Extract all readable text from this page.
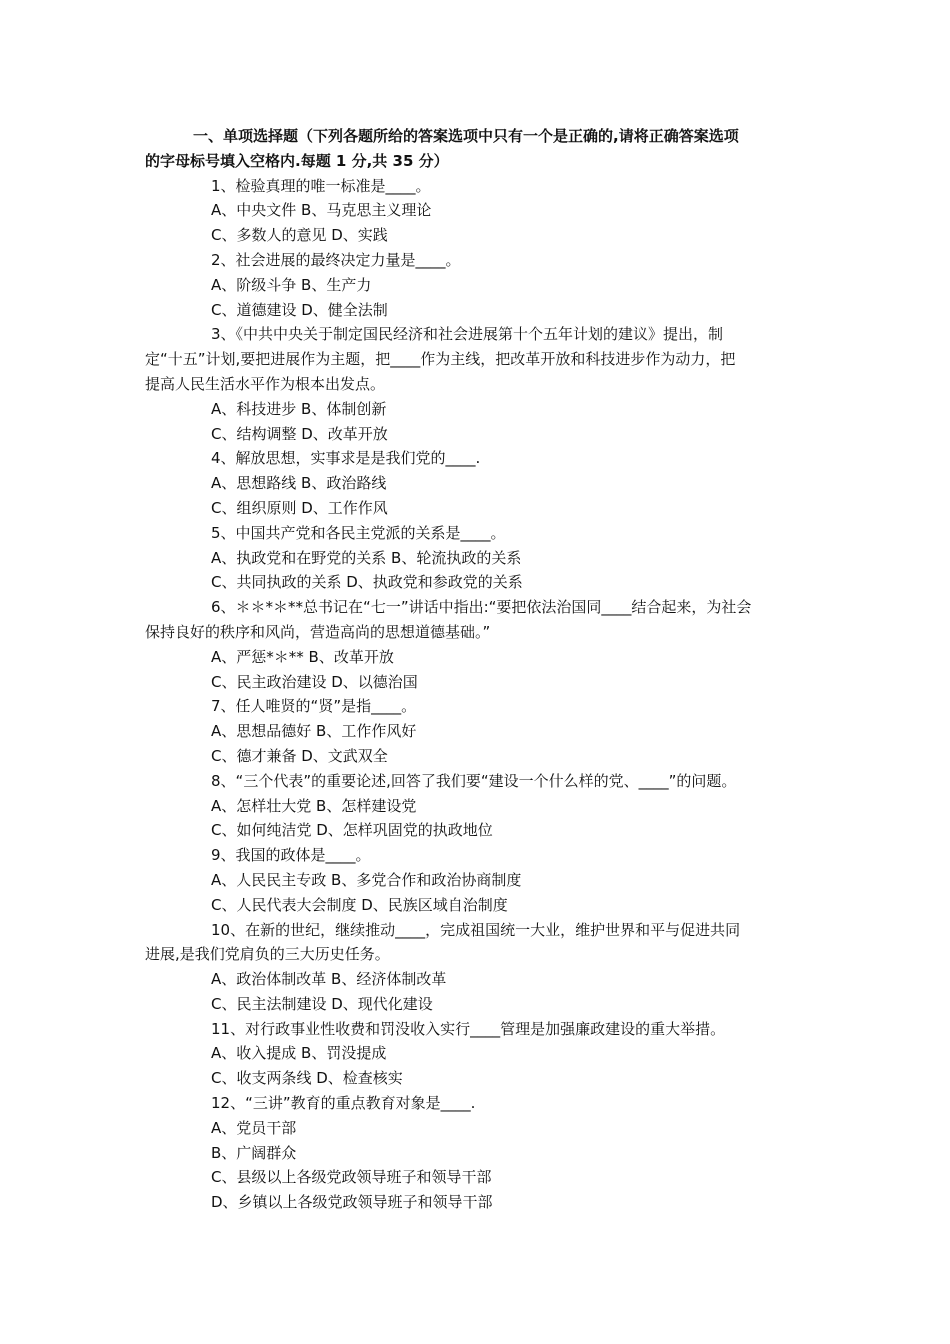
一、单项选择题（下列各题所给的答案选项中只有一个是正确的,请将正确答案选项
的字母标号填入空格内.每题 1 分,共 35 分）
1、检验真理的唯一标准是____。
A、中央文件 B、马克思主义理论
C、多数人的意见 D、实践
2、社会进展的最终决定力量是____。
A、阶级斗争 B、生产力
C、道德建设 D、健全法制
3、《中共中央关于制定国民经济和社会进展第十个五年计划的建议》提出，制
定“十五”计划,要把进展作为主题，把____作为主线，把改革开放和科技进步作为动力，把
提高人民生活水平作为根本出发点。
A、科技进步 B、体制创新
C、结构调整 D、改革开放
4、解放思想，实事求是是我们党的____.
A、思想路线 B、政治路线
C、组织原则 D、工作作风
5、中国共产党和各民主党派的关系是____。
A、执政党和在野党的关系 B、轮流执政的关系
C、共同执政的关系 D、执政党和参政党的关系
6、＊＊*＊**总书记在“七一”讲话中指出:“要把依法治国同____结合起来，为社会
保持良好的秩序和风尚，营造高尚的思想道德基础。”
A、严惩*＊** B、改革开放
C、民主政治建设 D、以德治国
7、任人唯贤的“贤”是指____。
A、思想品德好 B、工作作风好
C、德才兼备 D、文武双全
8、“三个代表”的重要论述,回答了我们要“建设一个什么样的党、____”的问题。
A、怎样壮大党 B、怎样建设党
C、如何纯洁党 D、怎样巩固党的执政地位
9、我国的政体是____。
A、人民民主专政 B、多党合作和政治协商制度
C、人民代表大会制度 D、民族区域自治制度
10、在新的世纪，继续推动____，完成祖国统一大业，维护世界和平与促进共同
进展,是我们党肩负的三大历史任务。
A、政治体制改革 B、经济体制改革
C、民主法制建设 D、现代化建设
11、对行政事业性收费和罚没收入实行____管理是加强廉政建设的重大举措。
A、收入提成 B、罚没提成
C、收支两条线 D、检查核实
12、“三讲”教育的重点教育对象是____.
A、党员干部
B、广阔群众
C、县级以上各级党政领导班子和领导干部
D、乡镇以上各级党政领导班子和领导干部
